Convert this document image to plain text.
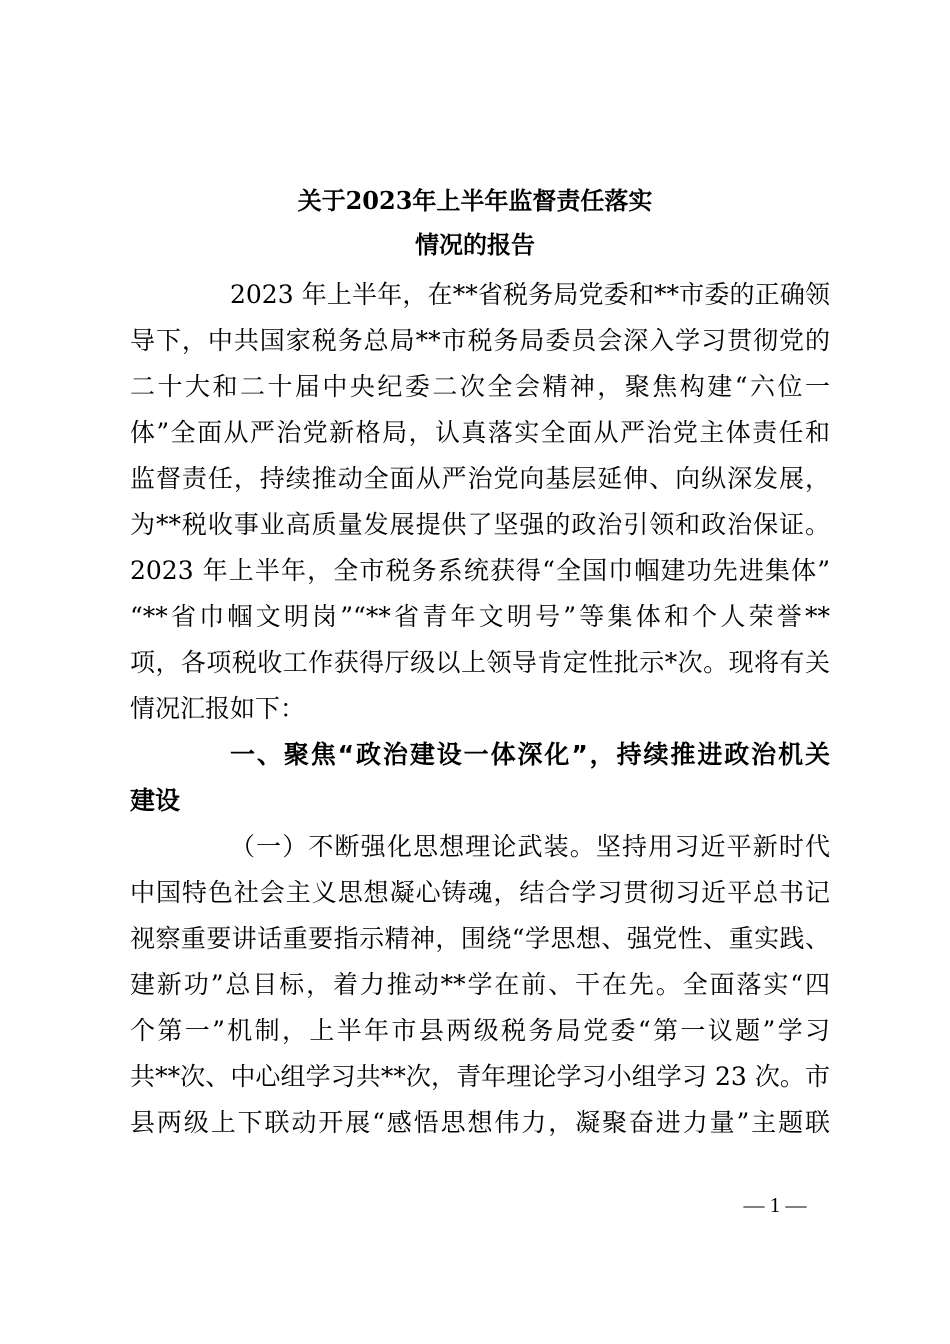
关于2023年上半年监督责任落实
情况的报告
2023 年上半年，在**省税务局党委和**市委的正确领
导下，中共国家税务总局**市税务局委员会深入学习贯彻党的
二十大和二十届中央纪委二次全会精神，聚焦构建“六位一
体”全面从严治党新格局，认真落实全面从严治党主体责任和
监督责任，持续推动全面从严治党向基层延伸、向纵深发展，
为**税收事业高质量发展提供了坚强的政治引领和政治保证。
2023 年上半年，全市税务系统获得“全国巾帼建功先进集体”
“**省巾帼文明岗”“**省青年文明号”等集体和个人荣誉**
项，各项税收工作获得厅级以上领导肯定性批示*次。现将有关
情况汇报如下：
一、聚焦“政治建设一体深化”，持续推进政治机关
建设
（一）不断强化思想理论武装。坚持用习近平新时代
中国特色社会主义思想凝心铸魂，结合学习贯彻习近平总书记
视察重要讲话重要指示精神，围绕“学思想、强党性、重实践、
建新功”总目标，着力推动**学在前、干在先。全面落实“四
个第一”机制，上半年市县两级税务局党委“第一议题”学习
共**次、中心组学习共**次，青年理论学习小组学习 23 次。市
县两级上下联动开展“感悟思想伟力，凝聚奋进力量”主题联
— 1 —
